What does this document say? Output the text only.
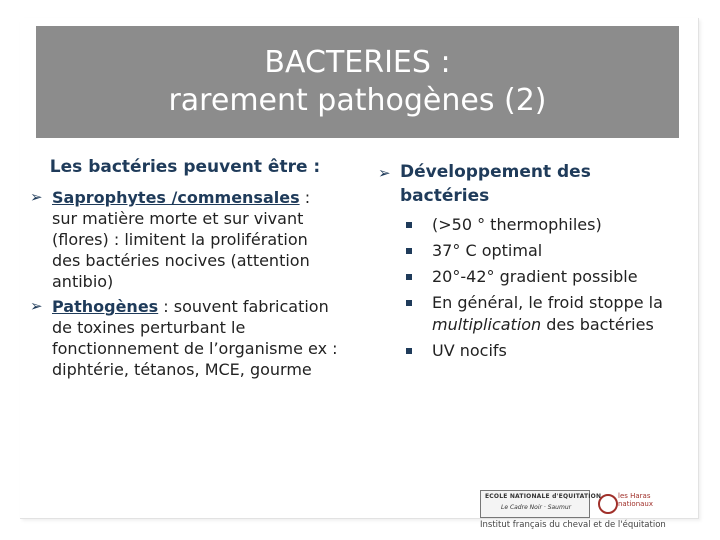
BACTERIES :
rarement pathogènes (2)
Les bactéries peuvent être :
➢ Saprophytes /commensales : sur matière morte et sur vivant (flores) : limitent la prolifération des bactéries nocives (attention antibio)
➢ Pathogènes : souvent fabrication de toxines perturbant le fonctionnement de l’organisme ex : diphtérie, tétanos, MCE, gourme
➢ Développement des bactéries
(>50 ° thermophiles)
37° C optimal
20°-42° gradient possible
En général, le froid stoppe la multiplication des bactéries
UV nocifs
ECOLE NATIONALE d'EQUITATION
Le Cadre Noir · Saumur
les Haras
nationaux
Institut français du cheval et de l'équitation
